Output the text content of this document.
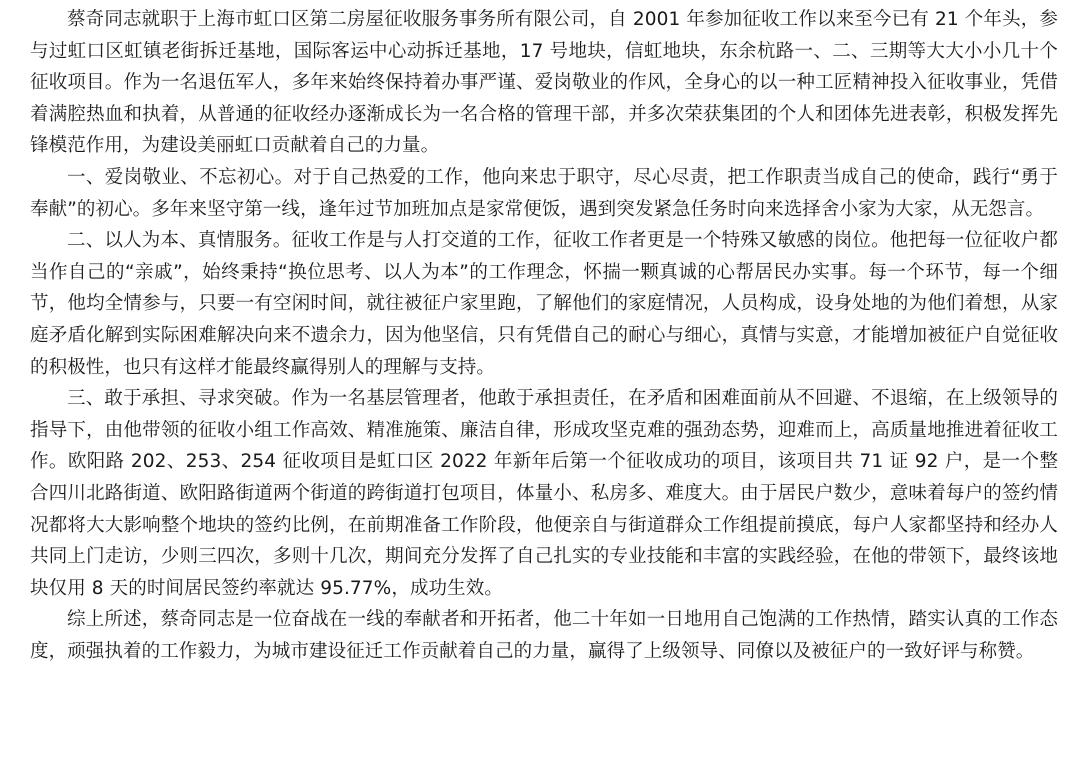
蔡奇同志就职于上海市虹口区第二房屋征收服务事务所有限公司，自 2001 年参加征收工作以来至今已有 21 个年头，参与过虹口区虹镇老街拆迁基地，国际客运中心动拆迁基地，17 号地块，信虹地块，东余杭路一、二、三期等大大小小几十个征收项目。作为一名退伍军人，多年来始终保持着办事严谨、爱岗敬业的作风，全身心的以一种工匠精神投入征收事业，凭借着满腔热血和执着，从普通的征收经办逐渐成长为一名合格的管理干部，并多次荣获集团的个人和团体先进表彰，积极发挥先锋模范作用，为建设美丽虹口贡献着自己的力量。

一、爱岗敬业、不忘初心。对于自己热爱的工作，他向来忠于职守，尽心尽责，把工作职责当成自己的使命，践行“勇于奉献”的初心。多年来坚守第一线，逢年过节加班加点是家常便饭，遇到突发紧急任务时向来选择舍小家为大家，从无怨言。

二、以人为本、真情服务。征收工作是与人打交道的工作，征收工作者更是一个特殊又敏感的岗位。他把每一位征收户都当作自己的“亲戚”，始终秉持“换位思考、以人为本”的工作理念，怀揣一颗真诚的心帮居民办实事。每一个环节，每一个细节，他均全情参与，只要一有空闲时间，就往被征户家里跑，了解他们的家庭情况，人员构成，设身处地的为他们着想，从家庭矛盾化解到实际困难解决向来不遗余力，因为他坚信，只有凭借自己的耐心与细心，真情与实意，才能增加被征户自觉征收的积极性，也只有这样才能最终赢得别人的理解与支持。

三、敢于承担、寻求突破。作为一名基层管理者，他敢于承担责任，在矛盾和困难面前从不回避、不退缩，在上级领导的指导下，由他带领的征收小组工作高效、精准施策、廉洁自律，形成攻坚克难的强劲态势，迎难而上，高质量地推进着征收工作。欧阳路 202、253、254 征收项目是虹口区 2022 年新年后第一个征收成功的项目，该项目共 71 证 92 户，是一个整合四川北路街道、欧阳路街道两个街道的跨街道打包项目，体量小、私房多、难度大。由于居民户数少，意味着每户的签约情况都将大大影响整个地块的签约比例，在前期准备工作阶段，他便亲自与街道群众工作组提前摸底，每户人家都坚持和经办人共同上门走访，少则三四次，多则十几次，期间充分发挥了自己扎实的专业技能和丰富的实践经验，在他的带领下，最终该地块仅用 8 天的时间居民签约率就达 95.77%，成功生效。

综上所述，蔡奇同志是一位奋战在一线的奉献者和开拓者，他二十年如一日地用自己饱满的工作热情，踏实认真的工作态度，顽强执着的工作毅力，为城市建设征迁工作贡献着自己的力量，赢得了上级领导、同僚以及被征户的一致好评与称赞。
